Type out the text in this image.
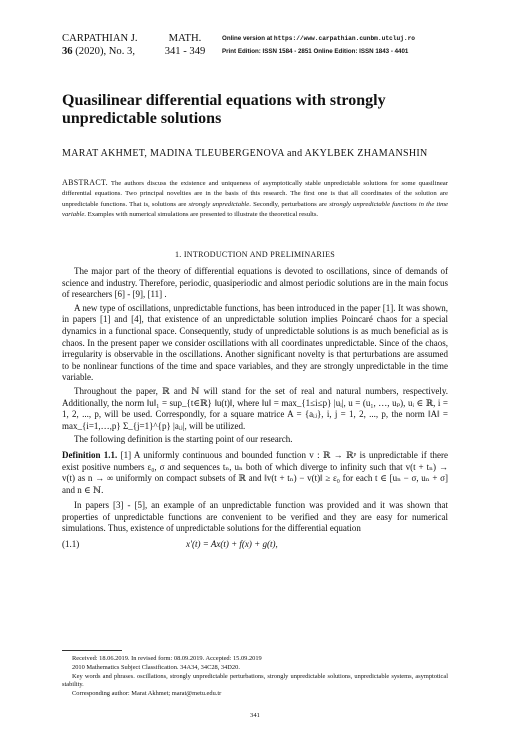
CARPATHIAN J.
36 (2020), No. 3,
MATH.
341 - 349
Online version at https://www.carpathian.cunbm.utcluj.ro
Print Edition: ISSN 1584 - 2851 Online Edition: ISSN 1843 - 4401
Quasilinear differential equations with strongly unpredictable solutions
MARAT AKHMET, MADINA TLEUBERGENOVA and AKYLBEK ZHAMANSHIN
ABSTRACT. The authors discuss the existence and uniqueness of asymptotically stable unpredictable solutions for some quasilinear differential equations. Two principal novelties are in the basis of this research. The first one is that all coordinates of the solution are unpredictable functions. That is, solutions are strongly unpredictable. Secondly, perturbations are strongly unpredictable functions in the time variable. Examples with numerical simulations are presented to illustrate the theoretical results.
1. INTRODUCTION AND PRELIMINARIES

The major part of the theory of differential equations is devoted to oscillations, since of demands of science and industry. Therefore, periodic, quasiperiodic and almost periodic solutions are in the main focus of researchers [6] - [9], [11] .

A new type of oscillations, unpredictable functions, has been introduced in the paper [1]. It was shown, in papers [1] and [4], that existence of an unpredictable solution implies Poincaré chaos for a special dynamics in a functional space. Consequently, study of unpredictable solutions is as much beneficial as is chaos. In the present paper we consider oscillations with all coordinates unpredictable. Since of the chaos, irregularity is observable in the oscillations. Another significant novelty is that perturbations are assumed to be nonlinear functions of the time and space variables, and they are strongly unpredictable in the time variable.

Throughout the paper, ℝ and ℕ will stand for the set of real and natural numbers, respectively. Additionally, the norm ‖u‖₁ = sup_{t∈ℝ} ‖u(t)‖, where ‖u‖ = max_{1≤i≤p} |uᵢ|, u = (u₁, …, uₚ), uᵢ ∈ ℝ, i = 1, 2, ..., p, will be used. Correspondly, for a square matrice A = {aᵢⱼ}, i, j = 1, 2, ..., p, the norm ‖A‖ = max_{i=1,…,p} Σ_{j=1}^{p} |aᵢⱼ|, will be utilized.

The following definition is the starting point of our research.

Definition 1.1. [1] A uniformly continuous and bounded function v : ℝ → ℝᵖ is unpredictable if there exist positive numbers ε₀, σ and sequences tₙ, uₙ both of which diverge to infinity such that v(t + tₙ) → v(t) as n → ∞ uniformly on compact subsets of ℝ and ‖v(t + tₙ) − v(t)‖ ≥ ε₀ for each t ∈ [uₙ − σ, uₙ + σ] and n ∈ ℕ.

In papers [3] - [5], an example of an unpredictable function was provided and it was shown that properties of unpredictable functions are convenient to be verified and they are easy for numerical simulations. Thus, existence of unpredictable solutions for the differential equation

(1.1)	x′(t) = Ax(t) + f(x) + g(t),
Received: 18.06.2019. In revised form: 08.09.2019. Accepted: 15.09.2019
2010 Mathematics Subject Classification. 34A34, 34C28, 34D20.
Key words and phrases. oscillations, strongly unpredictable perturbations, strongly unpredictable solutions, unpredictable systems, asymptotical stability.
Corresponding author: Marat Akhmet; marat@metu.edu.tr
341
